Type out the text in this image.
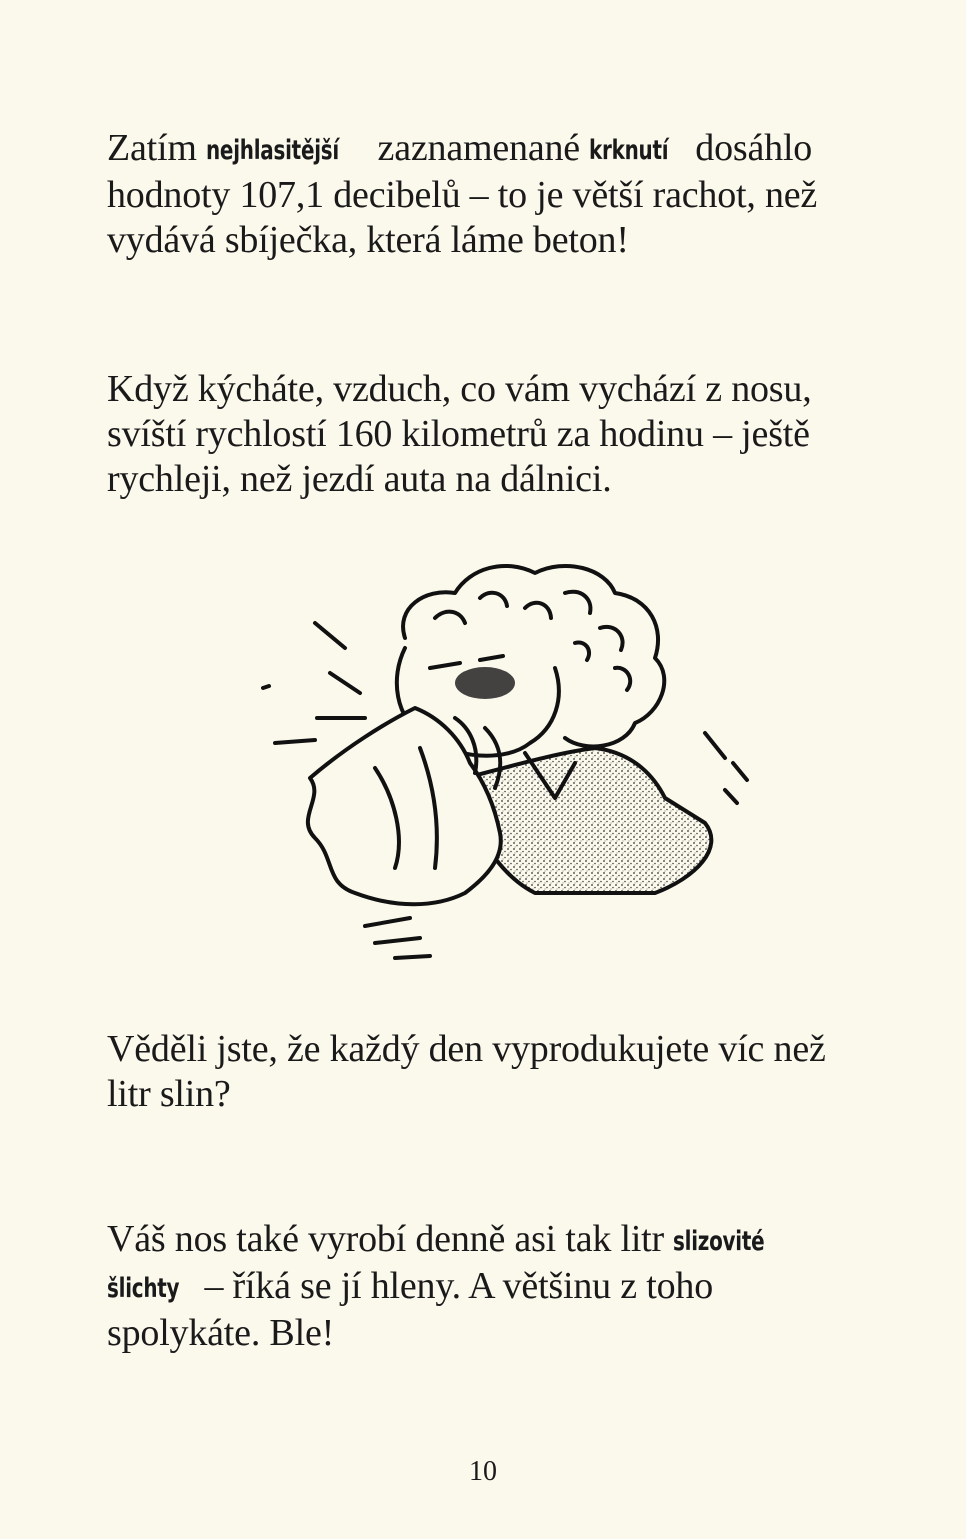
Zatím nejhlasitější zaznamenané krknutí dosáhlo
hodnoty 107,1 decibelů – to je větší rachot, než
vydává sbíječka, která láme beton!
Když kýcháte, vzduch, co vám vychází z nosu,
svíští rychlostí 160 kilometrů za hodinu – ještě
rychleji, než jezdí auta na dálnici.
Věděli jste, že každý den vyprodukujete víc než
litr slin?
Váš nos také vyrobí denně asi tak litr slizovité
šlichty – říká se jí hleny. A většinu z toho
spolykáte. Ble!
10
